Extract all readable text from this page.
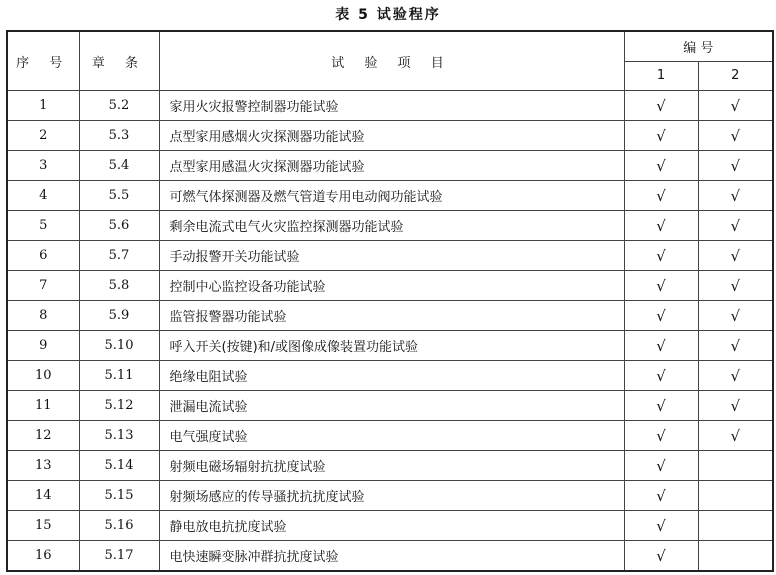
表 5 试验程序
序 号	章 条	试 验 项 目	编 号	
			1	2
1	5.2	家用火灾报警控制器功能试验	√	√
2	5.3	点型家用感烟火灾探测器功能试验	√	√
3	5.4	点型家用感温火灾探测器功能试验	√	√
4	5.5	可燃气体探测器及燃气管道专用电动阀功能试验	√	√
5	5.6	剩余电流式电气火灾监控探测器功能试验	√	√
6	5.7	手动报警开关功能试验	√	√
7	5.8	控制中心监控设备功能试验	√	√
8	5.9	监管报警器功能试验	√	√
9	5.10	呼入开关(按键)和/或图像成像装置功能试验	√	√
10	5.11	绝缘电阻试验	√	√
11	5.12	泄漏电流试验	√	√
12	5.13	电气强度试验	√	√
13	5.14	射频电磁场辐射抗扰度试验	√	
14	5.15	射频场感应的传导骚扰抗扰度试验	√	
15	5.16	静电放电抗扰度试验	√	
16	5.17	电快速瞬变脉冲群抗扰度试验	√	
